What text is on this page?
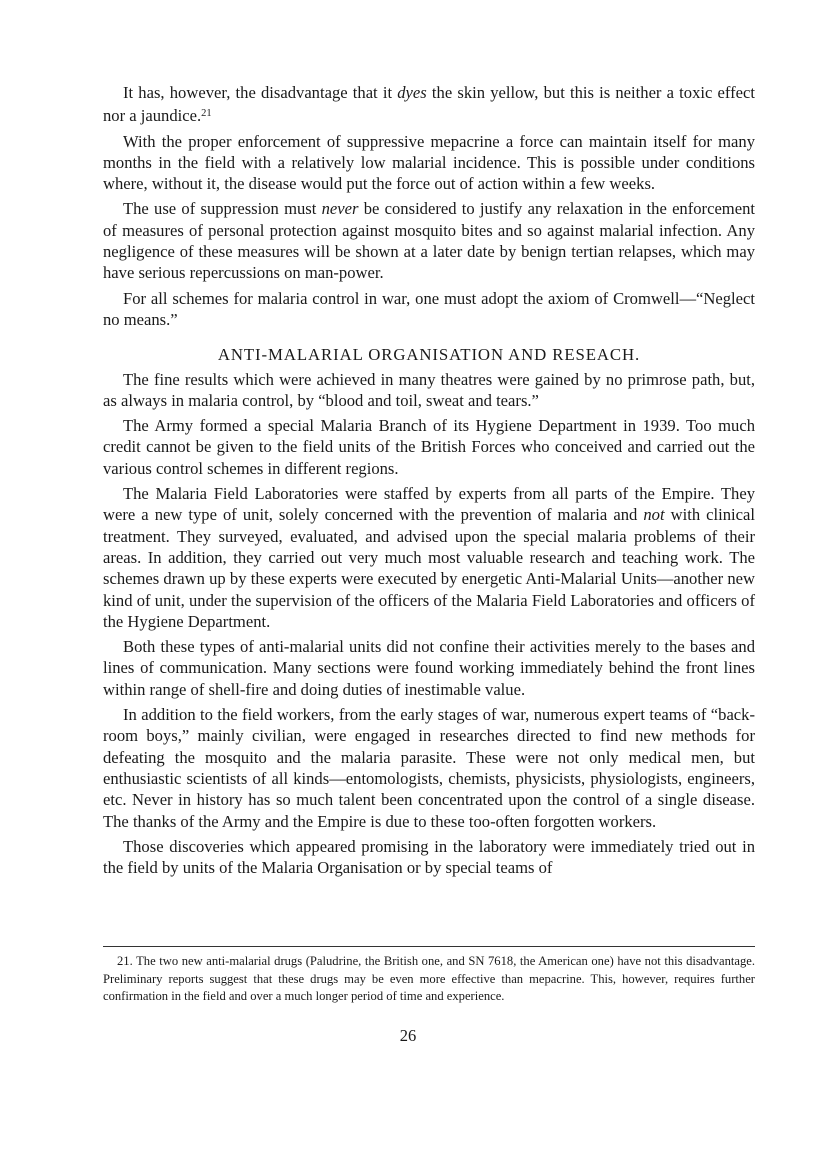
It has, however, the disadvantage that it dyes the skin yellow, but this is neither a toxic effect nor a jaundice.$^{21}$

With the proper enforcement of suppressive mepacrine a force can maintain itself for many months in the field with a relatively low malarial incidence. This is possible under conditions where, without it, the disease would put the force out of action within a few weeks.

The use of suppression must never be considered to justify any relaxation in the enforcement of measures of personal protection against mosquito bites and so against malarial infection. Any negligence of these measures will be shown at a later date by benign tertian relapses, which may have serious repercussions on man-power.

For all schemes for malaria control in war, one must adopt the axiom of Cromwell—“Neglect no means.”

ANTI-MALARIAL ORGANISATION AND RESEACH.

The fine results which were achieved in many theatres were gained by no primrose path, but, as always in malaria control, by “blood and toil, sweat and tears.”

The Army formed a special Malaria Branch of its Hygiene Department in 1939. Too much credit cannot be given to the field units of the British Forces who conceived and carried out the various control schemes in different regions.

The Malaria Field Laboratories were staffed by experts from all parts of the Empire. They were a new type of unit, solely concerned with the prevention of malaria and not with clinical treatment. They surveyed, evaluated, and advised upon the special malaria problems of their areas. In addition, they carried out very much most valuable research and teaching work. The schemes drawn up by these experts were executed by energetic Anti-Malarial Units—another new kind of unit, under the supervision of the officers of the Malaria Field Laboratories and officers of the Hygiene Department.

Both these types of anti-malarial units did not confine their activities merely to the bases and lines of communication. Many sections were found working immediately behind the front lines within range of shell-fire and doing duties of inestimable value.

In addition to the field workers, from the early stages of war, numerous expert teams of “back-room boys,” mainly civilian, were engaged in researches directed to find new methods for defeating the mosquito and the malaria parasite. These were not only medical men, but enthusiastic scientists of all kinds—entomologists, chemists, physicists, physiologists, engineers, etc. Never in history has so much talent been concentrated upon the control of a single disease. The thanks of the Army and the Empire is due to these too-often forgotten workers.

Those discoveries which appeared promising in the laboratory were immediately tried out in the field by units of the Malaria Organisation or by special teams of

21. The two new anti-malarial drugs (Paludrine, the British one, and SN 7618, the American one) have not this disadvantage. Preliminary reports suggest that these drugs may be even more effective than mepacrine. This, however, requires further confirmation in the field and over a much longer period of time and experience.

26
